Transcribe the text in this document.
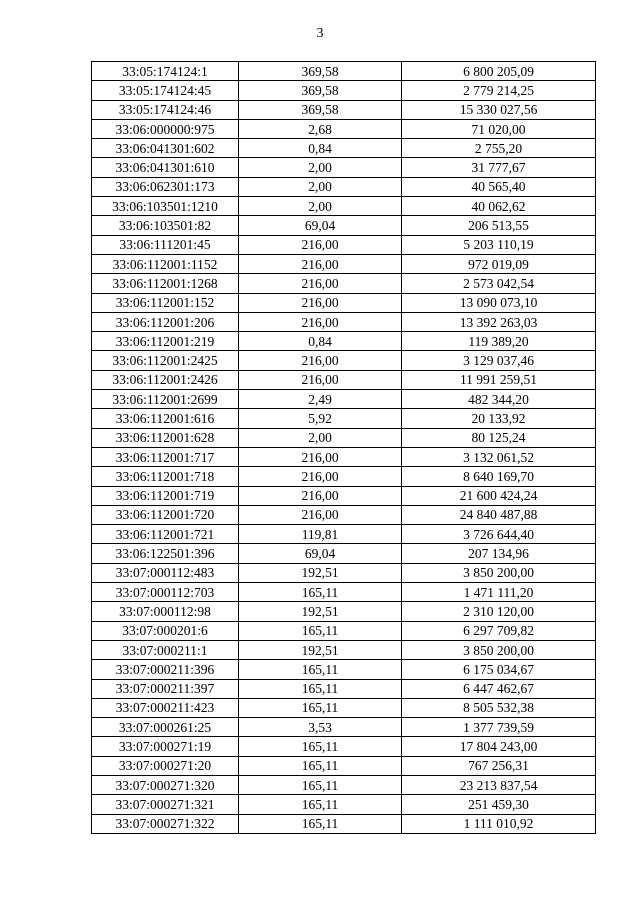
3
33:05:174124:1	369,58	6 800 205,09
33:05:174124:45	369,58	2 779 214,25
33:05:174124:46	369,58	15 330 027,56
33:06:000000:975	2,68	71 020,00
33:06:041301:602	0,84	2 755,20
33:06:041301:610	2,00	31 777,67
33:06:062301:173	2,00	40 565,40
33:06:103501:1210	2,00	40 062,62
33:06:103501:82	69,04	206 513,55
33:06:111201:45	216,00	5 203 110,19
33:06:112001:1152	216,00	972 019,09
33:06:112001:1268	216,00	2 573 042,54
33:06:112001:152	216,00	13 090 073,10
33:06:112001:206	216,00	13 392 263,03
33:06:112001:219	0,84	119 389,20
33:06:112001:2425	216,00	3 129 037,46
33:06:112001:2426	216,00	11 991 259,51
33:06:112001:2699	2,49	482 344,20
33:06:112001:616	5,92	20 133,92
33:06:112001:628	2,00	80 125,24
33:06:112001:717	216,00	3 132 061,52
33:06:112001:718	216,00	8 640 169,70
33:06:112001:719	216,00	21 600 424,24
33:06:112001:720	216,00	24 840 487,88
33:06:112001:721	119,81	3 726 644,40
33:06:122501:396	69,04	207 134,96
33:07:000112:483	192,51	3 850 200,00
33:07:000112:703	165,11	1 471 111,20
33:07:000112:98	192,51	2 310 120,00
33:07:000201:6	165,11	6 297 709,82
33:07:000211:1	192,51	3 850 200,00
33:07:000211:396	165,11	6 175 034,67
33:07:000211:397	165,11	6 447 462,67
33:07:000211:423	165,11	8 505 532,38
33:07:000261:25	3,53	1 377 739,59
33:07:000271:19	165,11	17 804 243,00
33:07:000271:20	165,11	767 256,31
33:07:000271:320	165,11	23 213 837,54
33:07:000271:321	165,11	251 459,30
33:07:000271:322	165,11	1 111 010,92
